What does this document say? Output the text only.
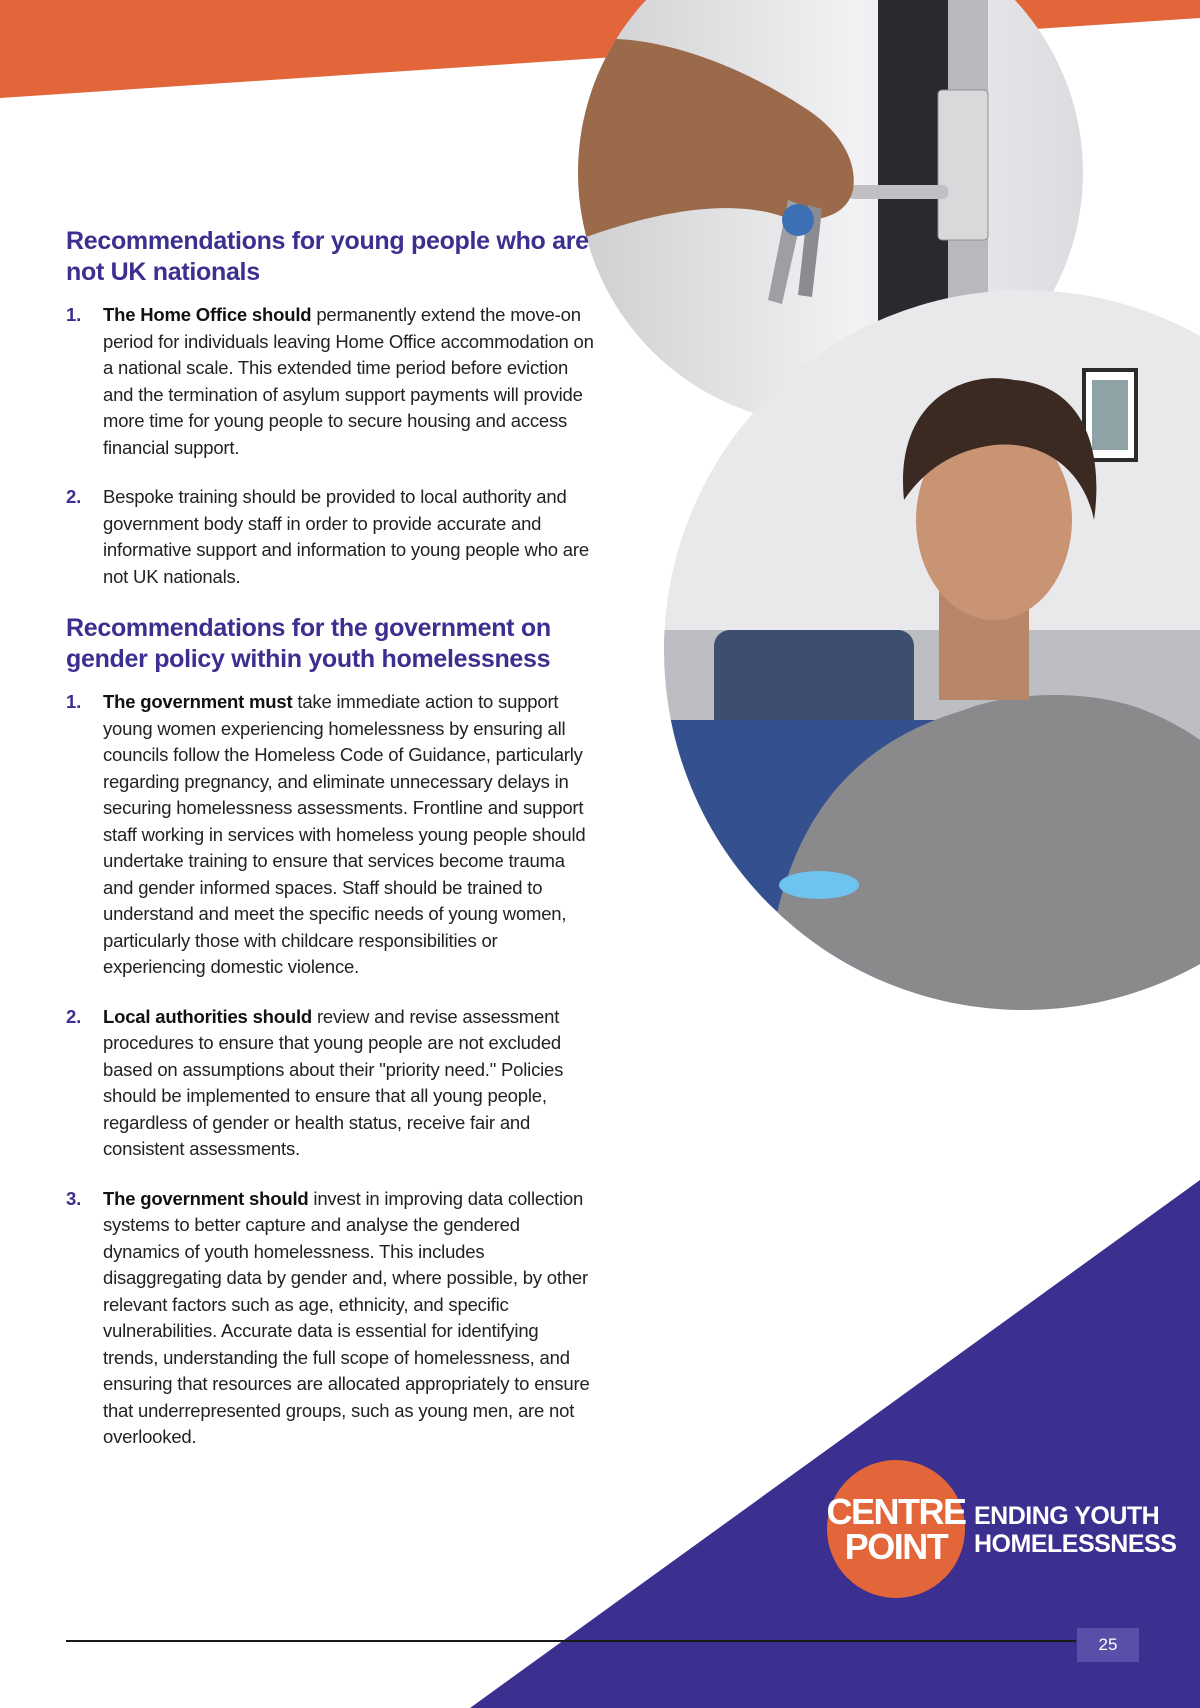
Recommendations for young people who are not UK nationals
1. The Home Office should permanently extend the move-on period for individuals leaving Home Office accommodation on a national scale. This extended time period before eviction and the termination of asylum support payments will provide more time for young people to secure housing and access financial support.
2. Bespoke training should be provided to local authority and government body staff in order to provide accurate and informative support and information to young people who are not UK nationals.
Recommendations for the government on gender policy within youth homelessness
1. The government must take immediate action to support young women experiencing homelessness by ensuring all councils follow the Homeless Code of Guidance, particularly regarding pregnancy, and eliminate unnecessary delays in securing homelessness assessments. Frontline and support staff working in services with homeless young people should undertake training to ensure that services become trauma and gender informed spaces. Staff should be trained to understand and meet the specific needs of young women, particularly those with childcare responsibilities or experiencing domestic violence.
2. Local authorities should review and revise assessment procedures to ensure that young people are not excluded based on assumptions about their "priority need." Policies should be implemented to ensure that all young people, regardless of gender or health status, receive fair and consistent assessments.
3. The government should invest in improving data collection systems to better capture and analyse the gendered dynamics of youth homelessness. This includes disaggregating data by gender and, where possible, by other relevant factors such as age, ethnicity, and specific vulnerabilities. Accurate data is essential for identifying trends, understanding the full scope of homelessness, and ensuring that resources are allocated appropriately to ensure that underrepresented groups, such as young men, are not overlooked.
CENTRE
POINT
ENDING YOUTH
HOMELESSNESS
25
